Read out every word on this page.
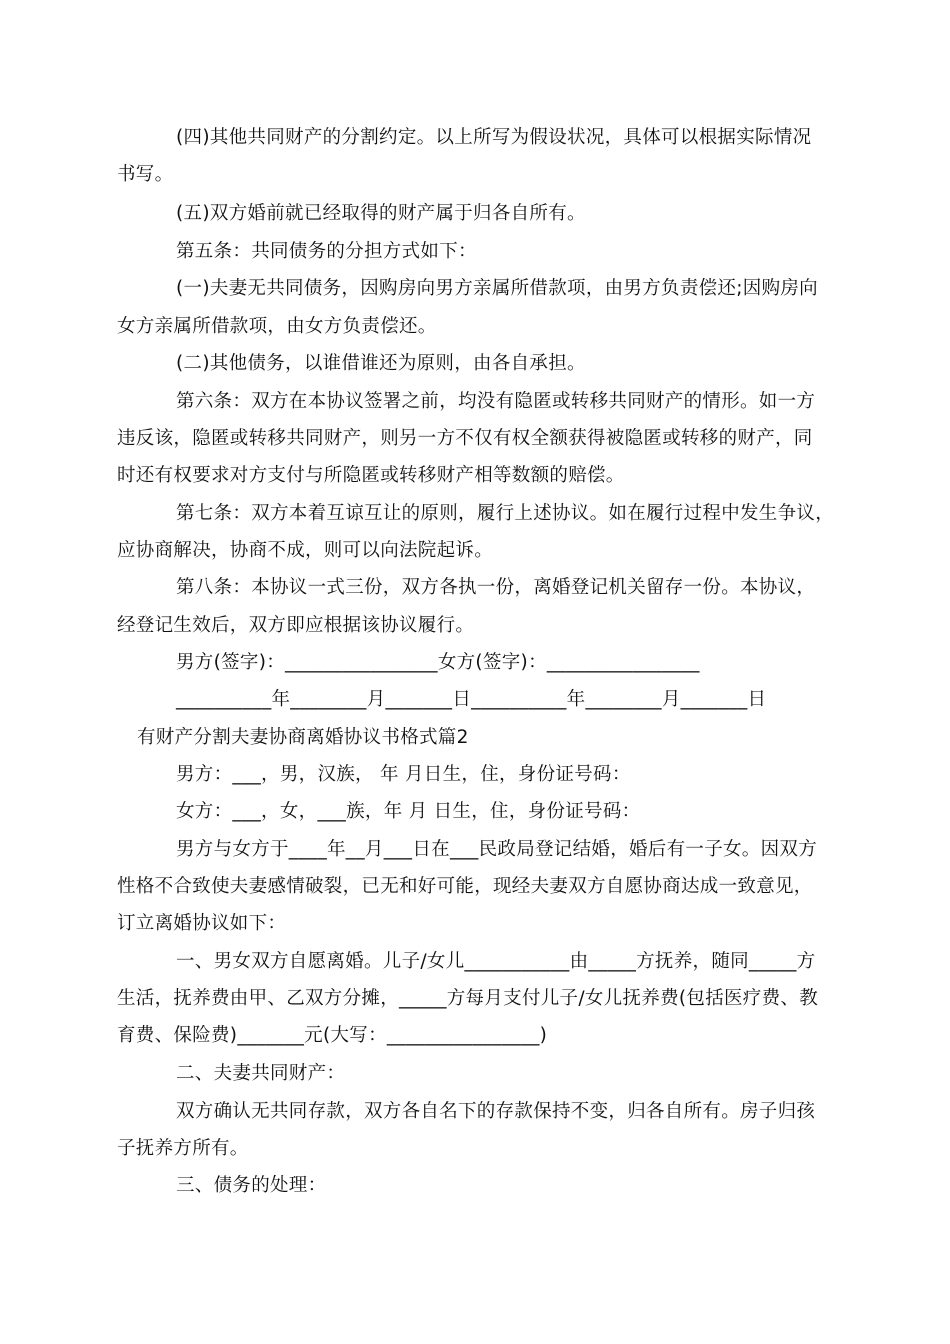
(四)其他共同财产的分割约定。以上所写为假设状况，具体可以根据实际情况
书写。
(五)双方婚前就已经取得的财产属于归各自所有。
第五条：共同债务的分担方式如下：
(一)夫妻无共同债务，因购房向男方亲属所借款项，由男方负责偿还;因购房向
女方亲属所借款项，由女方负责偿还。
(二)其他债务，以谁借谁还为原则，由各自承担。
第六条：双方在本协议签署之前，均没有隐匿或转移共同财产的情形。如一方
违反该，隐匿或转移共同财产，则另一方不仅有权全额获得被隐匿或转移的财产，同
时还有权要求对方支付与所隐匿或转移财产相等数额的赔偿。
第七条：双方本着互谅互让的原则，履行上述协议。如在履行过程中发生争议，
应协商解决，协商不成，则可以向法院起诉。
第八条：本协议一式三份，双方各执一份，离婚登记机关留存一份。本协议，
经登记生效后，双方即应根据该协议履行。
男方(签字)：________________女方(签字)：________________
__________年________月_______日__________年________月_______日
有财产分割夫妻协商离婚协议书格式篇2
男方：___，男，汉族， 年 月日生，住，身份证号码：
女方：___，女，___族，年 月 日生，住，身份证号码：
男方与女方于____年__月___日在___民政局登记结婚，婚后有一子女。因双方
性格不合致使夫妻感情破裂，已无和好可能，现经夫妻双方自愿协商达成一致意见，
订立离婚协议如下：
一、男女双方自愿离婚。儿子/女儿___________由_____方抚养，随同_____方
生活，抚养费由甲、乙双方分摊，_____方每月支付儿子/女儿抚养费(包括医疗费、教
育费、保险费)_______元(大写：________________)
二、夫妻共同财产：
双方确认无共同存款，双方各自名下的存款保持不变，归各自所有。房子归孩
子抚养方所有。
三、债务的处理：
